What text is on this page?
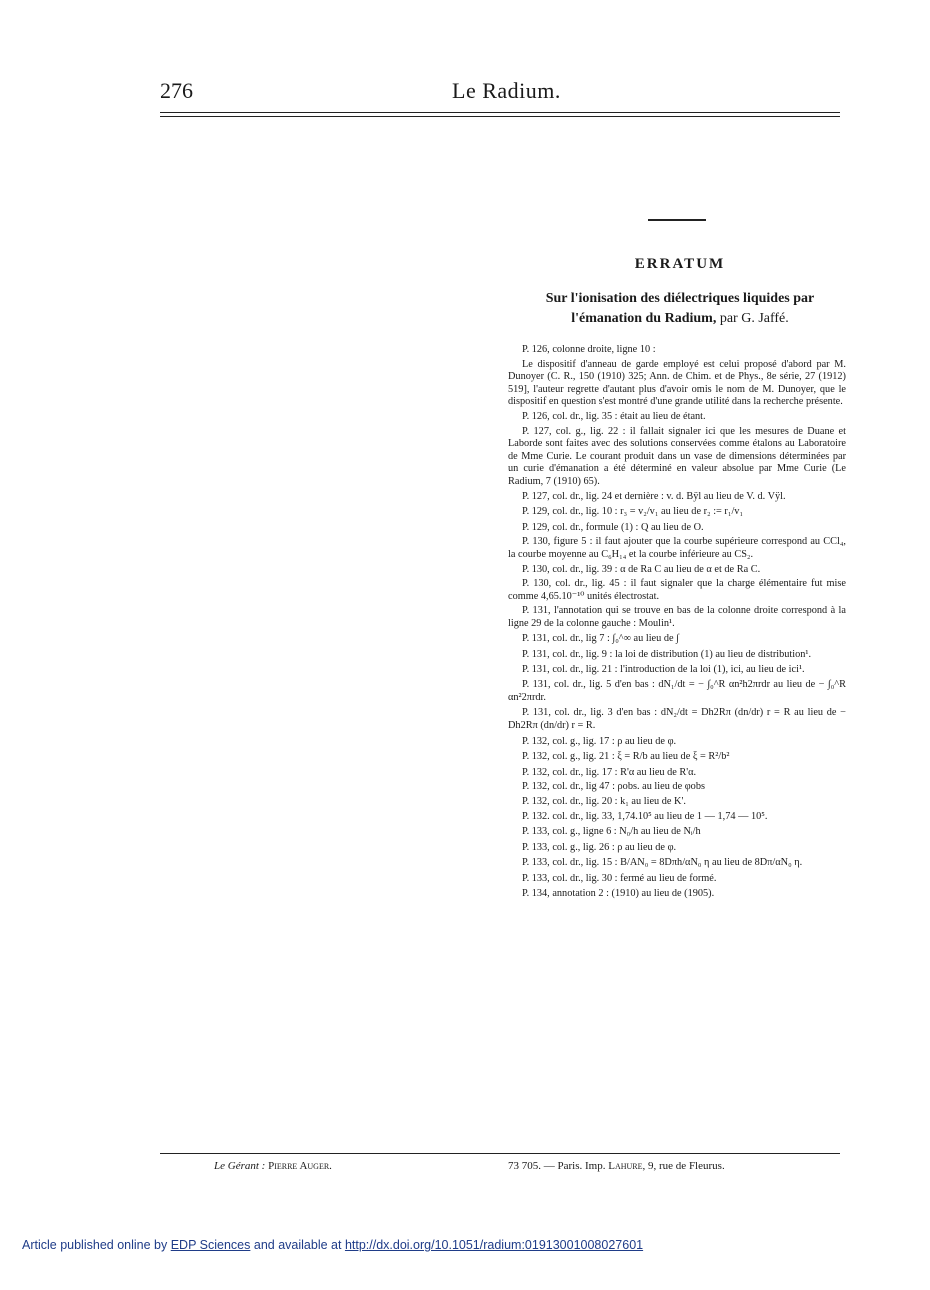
276	Le Radium.
ERRATUM
Sur l'ionisation des diélectriques liquides par l'émanation du Radium, par G. Jaffé.

P. 126, colonne droite, ligne 10 :

Le dispositif d'anneau de garde employé est celui proposé d'abord par M. Dunoyer (C. R., 150 (1910) 325; Ann. de Chim. et de Phys., 8e série, 27 (1912) 519], l'auteur regrette d'autant plus d'avoir omis le nom de M. Dunoyer, que le dispositif en question s'est montré d'une grande utilité dans la recherche présente.

P. 126, col. dr., lig. 35 : était au lieu de étant.

P. 127, col. g., lig. 22 : il fallait signaler ici que les mesures de Duane et Laborde sont faites avec des solutions conservées comme étalons au Laboratoire de Mme Curie. Le courant produit dans un vase de dimensions déterminées par un curie d'émanation a été déterminé en valeur absolue par Mme Curie (Le Radium, 7 (1910) 65).

P. 127, col. dr., lig. 24 et dernière : v. d. Bÿl au lieu de V. d. Vÿl.

P. 129, col. dr., lig. 10 : r₃ = v₂/v₁ au lieu de r₂ := r₁/v₁

P. 129, col. dr., formule (1) : Q au lieu de O.

P. 130, figure 5 : il faut ajouter que la courbe supérieure correspond au CCl₄, la courbe moyenne au C₆H₁₄ et la courbe inférieure au CS₂.

P. 130, col. dr., lig. 39 : α de Ra C au lieu de α et de Ra C.

P. 130, col. dr., lig. 45 : il faut signaler que la charge élémentaire fut mise comme 4,65.10⁻¹⁰ unités électrostat.

P. 131, l'annotation qui se trouve en bas de la colonne droite correspond à la ligne 29 de la colonne gauche : Moulin¹.

P. 131, col. dr., lig 7 : ∫₀^∞ au lieu de ∫

P. 131, col. dr., lig. 9 : la loi de distribution (1) au lieu de distribution¹.

P. 131, col. dr., lig. 21 : l'introduction de la loi (1), ici, au lieu de ici¹.

P. 131, col. dr., lig. 5 d'en bas : dN₁/dt = − ∫₀^R αn²h2πrdr au lieu de − ∫₀^R αn²2πrdr.

P. 131, col. dr., lig. 3 d'en bas : dN₂/dt = Dh2Rπ (dn/dr) r = R au lieu de − Dh2Rπ (dn/dr) r = R.

P. 132, col. g., lig. 17 : ρ au lieu de φ.

P. 132, col. g., lig. 21 : ξ = R/b au lieu de ξ = R²/b²

P. 132, col. dr., lig. 17 : R'α au lieu de R'α.

P. 132, col. dr., lig 47 : ρobs. au lieu de φobs

P. 132, col. dr., lig. 20 : k₁ au lieu de K'.

P. 132. col. dr., lig. 33, 1,74.10⁵ au lieu de 1 — 1,74 — 10⁵.

P. 133, col. g., ligne 6 : N₀/h au lieu de Nᵢ/h

P. 133, col. g., lig. 26 : ρ au lieu de φ.

P. 133, col. dr., lig. 15 : B/AN₀ = 8Dπh/αN₀ η au lieu de 8Dπ/αN₀ η.

P. 133, col. dr., lig. 30 : fermé au lieu de formé.

P. 134, annotation 2 : (1910) au lieu de (1905).

Le Gérant : Pierre Auger.	73 705. — Paris. Imp. Lahure, 9, rue de Fleurus.
Article published online by EDP Sciences and available at http://dx.doi.org/10.1051/radium:01913001008027601
